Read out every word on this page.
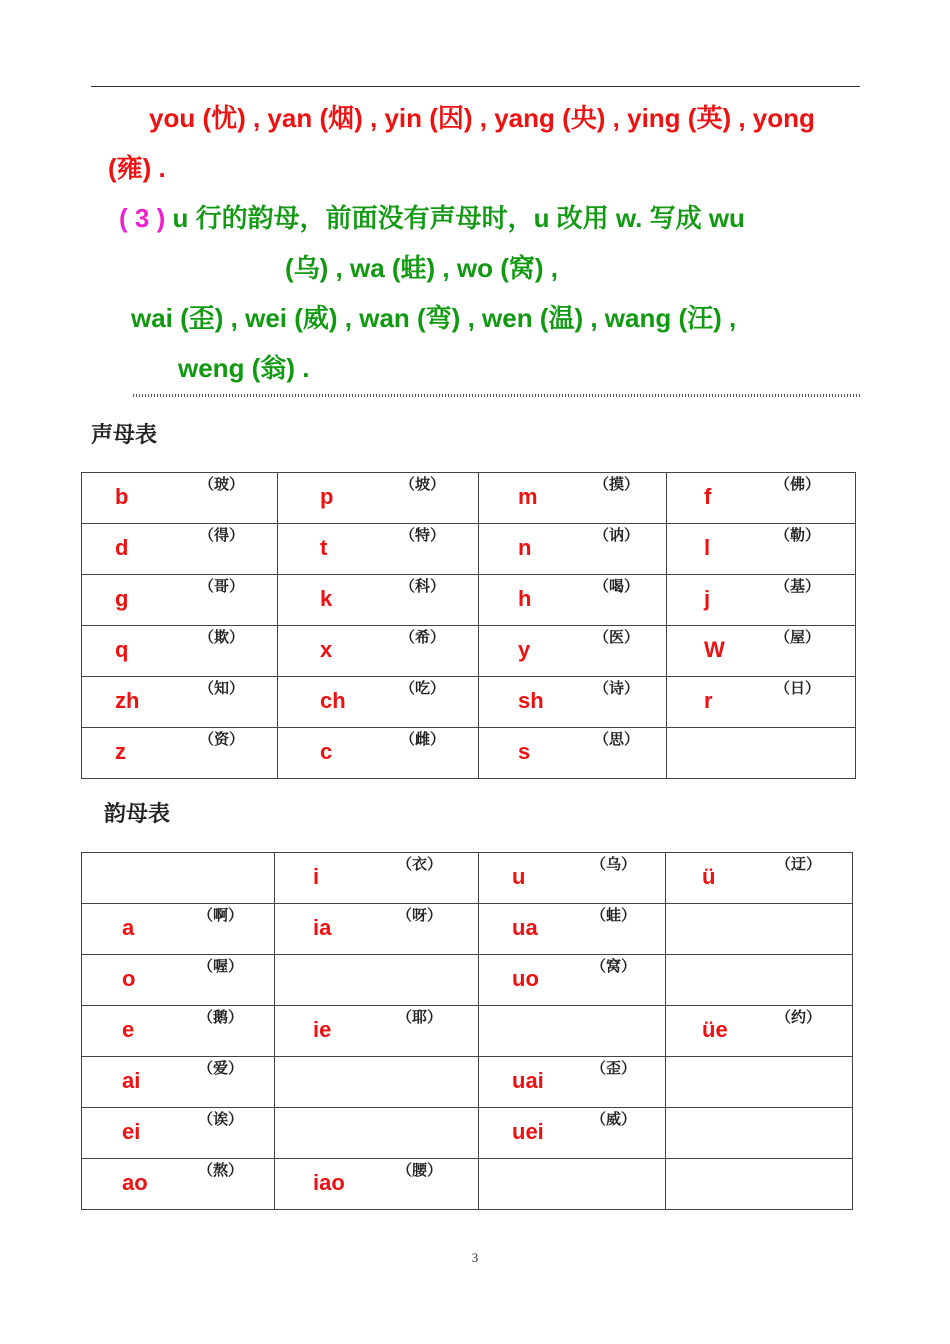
you (忧) , yan (烟) , yin (因) , yang (央) , ying (英) , yong
(雍) .
( 3 ) u 行的韵母，前面没有声母时，u 改用 w. 写成 wu
(乌) , wa (蛙) , wo (窝) ,
wai (歪) , wei (威) , wan (弯) , wen (温) , wang (汪) ,
weng (翁) .
声母表
b （玻）	p （坡）	m （摸）	f （佛）

d （得）	t （特）	n （讷）	l （勒）

g （哥）	k （科）	h （喝）	j （基）

q （欺）	x （希）	y （医）	W （屋）

zh （知）	ch （吃）	sh （诗）	r （日）

z （资）	c （雌）	s （思）	

韵母表

	i （衣）	u （乌）	ü （迂）

a （啊）	ia （呀）	ua （蛙）	

o （喔）		uo （窝）	

e （鹅）	ie （耶）		üe （约）

ai （爱）		uai （歪）	

ei （诶）		uei （威）	

ao （熬）	iao （腰）		

3
